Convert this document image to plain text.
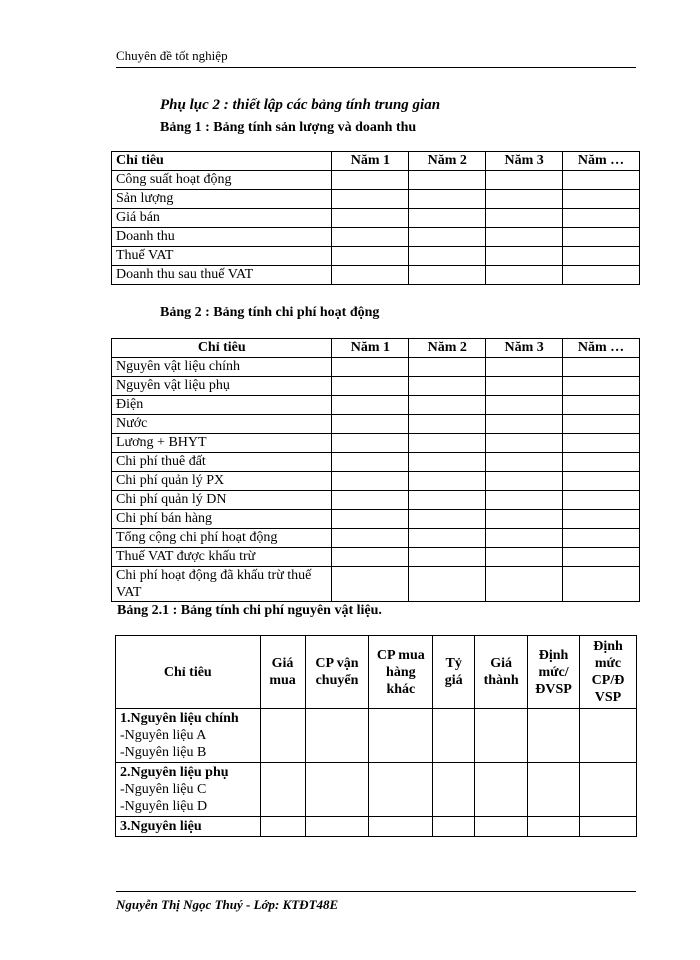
Chuyên đề tốt nghiệp
Phụ lục 2 : thiết lập các bảng tính trung gian
Bảng 1 : Bảng tính sản lượng và doanh thu
Chỉ tiêu	Năm 1	Năm 2	Năm 3	Năm …
Công suất hoạt động				
Sản lượng				
Giá bán				
Doanh thu				
Thuế VAT				
Doanh thu sau thuế VAT				
Bảng 2 : Bảng tính chi phí hoạt động
Chỉ tiêu	Năm 1	Năm 2	Năm 3	Năm …
Nguyên vật liệu chính				
Nguyên vật liệu phụ				
Điện				
Nước				
Lương + BHYT				
Chi phí thuê đất				
Chi phí quản lý PX				
Chi phí quản lý DN				
Chi phí bán hàng				
Tổng cộng chi phí hoạt động				
Thuế VAT được khấu trừ				
Chi phí hoạt động đã khấu trừ thuế VAT				
Bảng 2.1 : Bảng tính chi phí nguyên vật liệu.
Chỉ tiêu	Giá mua	CP vận chuyển	CP mua hàng khác	Tỷ giá	Giá thành	Định mức/ ĐVSP	Định mức CP/Đ VSP

1.Nguyên liệu chính
-Nguyên liệu A
-Nguyên liệu B							

2.Nguyên liệu phụ
-Nguyên liệu C
-Nguyên liệu D							

3.Nguyên liệu							

Nguyễn Thị Ngọc Thuý - Lớp: KTĐT48E
